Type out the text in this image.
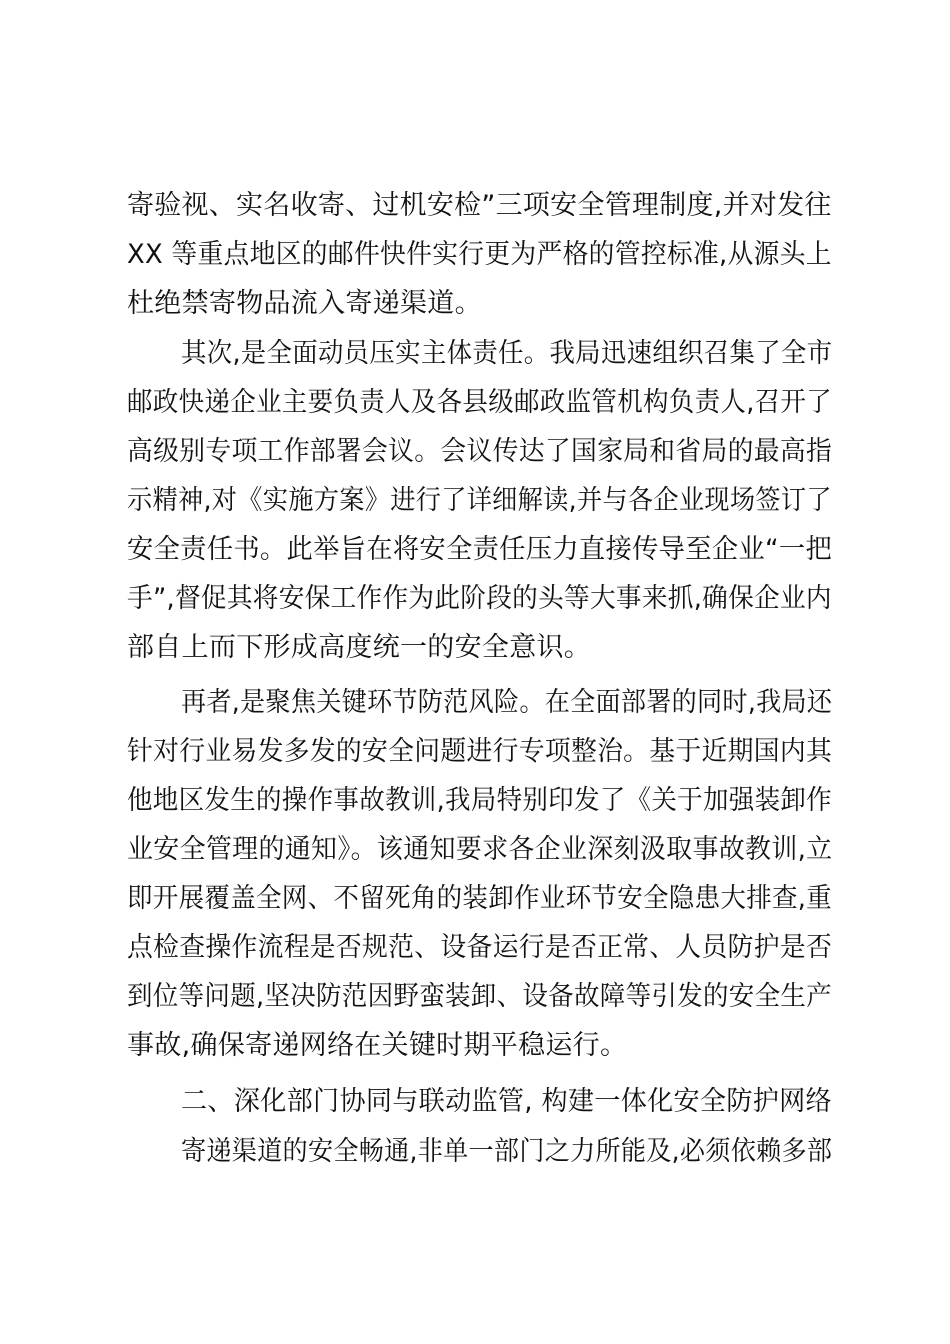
寄验视、实名收寄、过机安检”三项安全管理制度,并对发往
XX 等重点地区的邮件快件实行更为严格的管控标准,从源头上
杜绝禁寄物品流入寄递渠道。
其次,是全面动员压实主体责任。我局迅速组织召集了全市
邮政快递企业主要负责人及各县级邮政监管机构负责人,召开了
高级别专项工作部署会议。会议传达了国家局和省局的最高指
示精神,对《实施方案》进行了详细解读,并与各企业现场签订了
安全责任书。此举旨在将安全责任压力直接传导至企业“一把
手”,督促其将安保工作作为此阶段的头等大事来抓,确保企业内
部自上而下形成高度统一的安全意识。
再者,是聚焦关键环节防范风险。在全面部署的同时,我局还
针对行业易发多发的安全问题进行专项整治。基于近期国内其
他地区发生的操作事故教训,我局特别印发了《关于加强装卸作
业安全管理的通知》。该通知要求各企业深刻汲取事故教训,立
即开展覆盖全网、不留死角的装卸作业环节安全隐患大排查,重
点检查操作流程是否规范、设备运行是否正常、人员防护是否
到位等问题,坚决防范因野蛮装卸、设备故障等引发的安全生产
事故,确保寄递网络在关键时期平稳运行。
二、深化部门协同与联动监管, 构建一体化安全防护网络
寄递渠道的安全畅通,非单一部门之力所能及,必须依赖多部
